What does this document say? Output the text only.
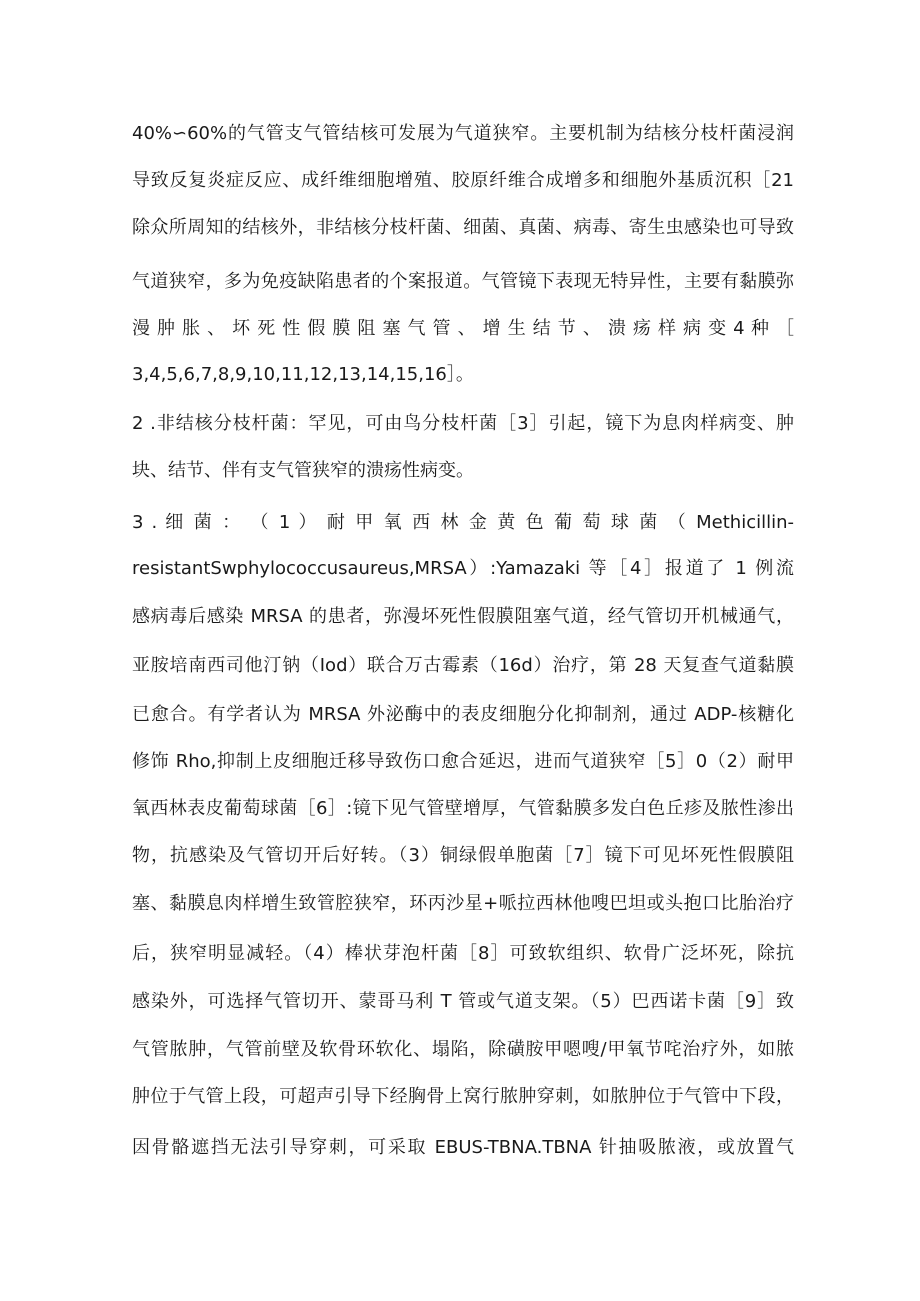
40%∽60%的气管支气管结核可发展为气道狭窄。主要机制为结核分枝杆菌浸润
导致反复炎症反应、成纤维细胞增殖、胶原纤维合成增多和细胞外基质沉积［21
除众所周知的结核外，非结核分枝杆菌、细菌、真菌、病毒、寄生虫感染也可导致
气道狭窄，多为免疫缺陷患者的个案报道。气管镜下表现无特异性，主要有黏膜弥
漫 肿 胀 、 坏 死 性 假 膜 阻 塞 气 管 、 增 生 结 节 、 溃 疡 样 病 变 4 种 ［
3,4,5,6,7,8,9,10,11,12,13,14,15,16］。
2 .非结核分枝杆菌：罕见，可由鸟分枝杆菌［3］引起，镜下为息肉样病变、肿
块、结节、伴有支气管狭窄的溃疡性病变。
3 . 细 菌 ： （ 1 ） 耐 甲 氧 西 林 金 黄 色 葡 萄 球 菌 （ Methicillin-
resistantSwphylococcusaureus,MRSA）:Yamazaki 等［4］报道了 1 例流
感病毒后感染 MRSA 的患者，弥漫坏死性假膜阻塞气道，经气管切开机械通气，
亚胺培南西司他汀钠（Iod）联合万古霉素（16d）治疗，第 28 天复查气道黏膜
已愈合。有学者认为 MRSA 外泌酶中的表皮细胞分化抑制剂，通过 ADP-核糖化
修饰 Rho,抑制上皮细胞迁移导致伤口愈合延迟，进而气道狭窄［5］0（2）耐甲
氧西林表皮葡萄球菌［6］:镜下见气管壁增厚，气管黏膜多发白色丘疹及脓性渗出
物，抗感染及气管切开后好转。（3）铜绿假单胞菌［7］镜下可见坏死性假膜阻
塞、黏膜息肉样增生致管腔狭窄，环丙沙星+哌拉西林他嗖巴坦或头抱口比胎治疗
后，狭窄明显减轻。（4）棒状芽泡杆菌［8］可致软组织、软骨广泛坏死，除抗
感染外，可选择气管切开、蒙哥马利 T 管或气道支架。（5）巴西诺卡菌［9］致
气管脓肿，气管前壁及软骨环软化、塌陷，除磺胺甲嗯嗖/甲氧节咤治疗外，如脓
肿位于气管上段，可超声引导下经胸骨上窝行脓肿穿刺，如脓肿位于气管中下段，
因骨骼遮挡无法引导穿刺，可采取 EBUS-TBNA.TBNA 针抽吸脓液，或放置气
